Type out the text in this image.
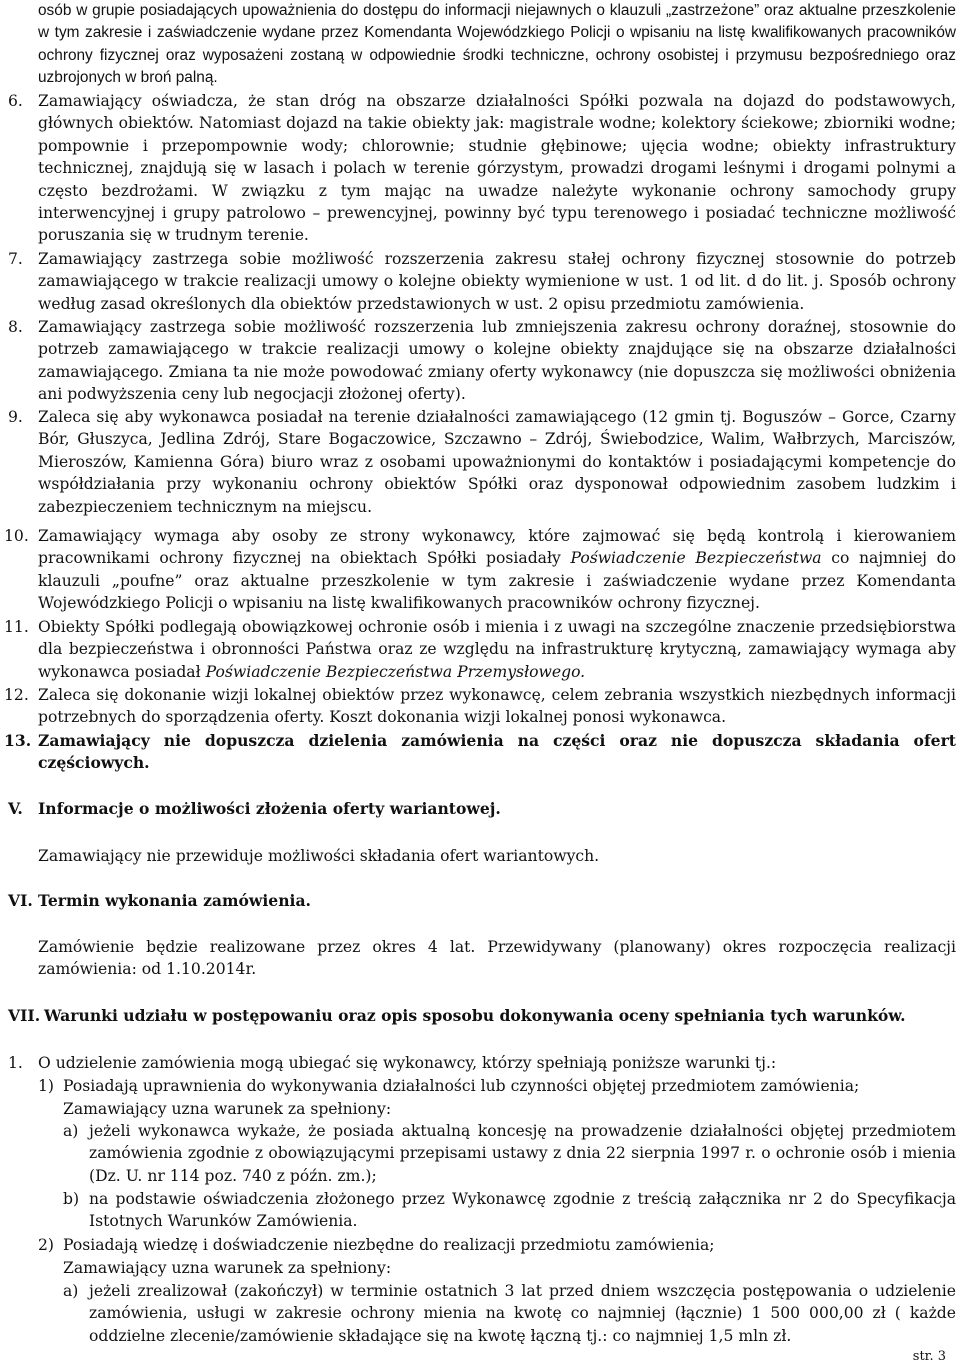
osób w grupie posiadających upoważnienia do dostępu do informacji niejawnych o klauzuli „zastrzeżone” oraz aktualne przeszkolenie w tym zakresie i zaświadczenie wydane przez Komendanta Wojewódzkiego Policji o wpisaniu na listę kwalifikowanych pracowników ochrony fizycznej oraz wyposażeni zostaną w odpowiednie środki techniczne, ochrony osobistej i przymusu bezpośredniego oraz uzbrojonych w broń palną.
6. Zamawiający oświadcza, że stan dróg na obszarze działalności Spółki pozwala na dojazd do podstawowych, głównych obiektów. Natomiast dojazd na takie obiekty jak: magistrale wodne; kolektory ściekowe; zbiorniki wodne; pompownie i przepompownie wody; chlorownie; studnie głębinowe; ujęcia wodne; obiekty infrastruktury technicznej, znajdują się w lasach i polach w terenie górzystym, prowadzi drogami leśnymi i drogami polnymi a często bezdrożami. W związku z tym mając na uwadze należyte wykonanie ochrony samochody grupy interwencyjnej i grupy patrolowo – prewencyjnej, powinny być typu terenowego i posiadać techniczne możliwość poruszania się w trudnym terenie.
7. Zamawiający zastrzega sobie możliwość rozszerzenia zakresu stałej ochrony fizycznej stosownie do potrzeb zamawiającego w trakcie realizacji umowy o kolejne obiekty wymienione w ust. 1 od lit. d do lit. j. Sposób ochrony według zasad określonych dla obiektów przedstawionych w ust. 2 opisu przedmiotu zamówienia.
8. Zamawiający zastrzega sobie możliwość rozszerzenia lub zmniejszenia zakresu ochrony doraźnej, stosownie do potrzeb zamawiającego w trakcie realizacji umowy o kolejne obiekty znajdujące się na obszarze działalności zamawiającego. Zmiana ta nie może powodować zmiany oferty wykonawcy (nie dopuszcza się możliwości obniżenia ani podwyższenia ceny lub negocjacji złożonej oferty).
9. Zaleca się aby wykonawca posiadał na terenie działalności zamawiającego (12 gmin tj. Boguszów – Gorce, Czarny Bór, Głuszyca, Jedlina Zdrój, Stare Bogaczowice, Szczawno – Zdrój, Świebodzice, Walim, Wałbrzych, Marciszów, Mieroszów, Kamienna Góra) biuro wraz z osobami upoważnionymi do kontaktów i posiadającymi kompetencje do współdziałania przy wykonaniu ochrony obiektów Spółki oraz dysponował odpowiednim zasobem ludzkim i zabezpieczeniem technicznym na miejscu.
10. Zamawiający wymaga aby osoby ze strony wykonawcy, które zajmować się będą kontrolą i kierowaniem pracownikami ochrony fizycznej na obiektach Spółki posiadały Poświadczenie Bezpieczeństwa co najmniej do klauzuli „poufne” oraz aktualne przeszkolenie w tym zakresie i zaświadczenie wydane przez Komendanta Wojewódzkiego Policji o wpisaniu na listę kwalifikowanych pracowników ochrony fizycznej.
11. Obiekty Spółki podlegają obowiązkowej ochronie osób i mienia i z uwagi na szczególne znaczenie przedsiębiorstwa dla bezpieczeństwa i obronności Państwa oraz ze względu na infrastrukturę krytyczną, zamawiający wymaga aby wykonawca posiadał Poświadczenie Bezpieczeństwa Przemysłowego.
12. Zaleca się dokonanie wizji lokalnej obiektów przez wykonawcę, celem zebrania wszystkich niezbędnych informacji potrzebnych do sporządzenia oferty. Koszt dokonania wizji lokalnej ponosi wykonawca.
13. Zamawiający nie dopuszcza dzielenia zamówienia na części oraz nie dopuszcza składania ofert częściowych.
V. Informacje o możliwości złożenia oferty wariantowej.
Zamawiający nie przewiduje możliwości składania ofert wariantowych.
VI. Termin wykonania zamówienia.
Zamówienie będzie realizowane przez okres 4 lat. Przewidywany (planowany) okres rozpoczęcia realizacji zamówienia: od 1.10.2014r.
VII. Warunki udziału w postępowaniu oraz opis sposobu dokonywania oceny spełniania tych warunków.
1. O udzielenie zamówienia mogą ubiegać się wykonawcy, którzy spełniają poniższe warunki tj.:
1) Posiadają uprawnienia do wykonywania działalności lub czynności objętej przedmiotem zamówienia;
Zamawiający uzna warunek za spełniony:
a) jeżeli wykonawca wykaże, że posiada aktualną koncesję na prowadzenie działalności objętej przedmiotem zamówienia zgodnie z obowiązującymi przepisami ustawy z dnia 22 sierpnia 1997 r. o ochronie osób i mienia (Dz. U. nr 114 poz. 740 z późn. zm.);
b) na podstawie oświadczenia złożonego przez Wykonawcę zgodnie z treścią załącznika nr 2 do Specyfikacja Istotnych Warunków Zamówienia.
2) Posiadają wiedzę i doświadczenie niezbędne do realizacji przedmiotu zamówienia;
Zamawiający uzna warunek za spełniony:
a) jeżeli zrealizował (zakończył) w terminie ostatnich 3 lat przed dniem wszczęcia postępowania o udzielenie zamówienia, usługi w zakresie ochrony mienia na kwotę co najmniej (łącznie) 1 500 000,00 zł ( każde oddzielne zlecenie/zamówienie składające się na kwotę łączną tj.: co najmniej 1,5 mln zł.
str. 3
